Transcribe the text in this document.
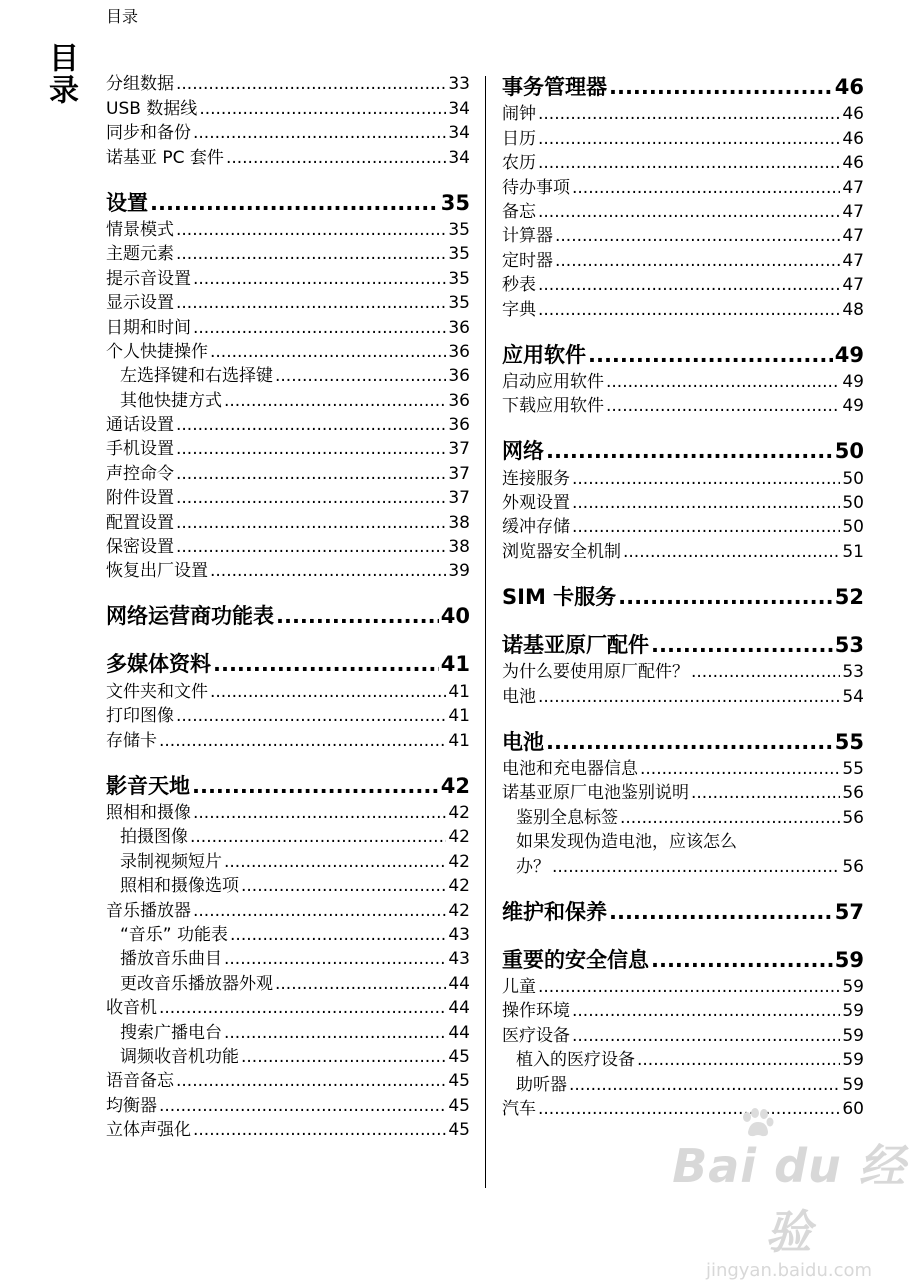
目录
目录 分组数据 .....	33
USB 数据线 .....	34
同步和备份 .....	34
诺基亚 PC 套件 .....	34
设置 .....	35
情景模式 .....	35
主题元素 .....	35
提示音设置 .....	35
显示设置 .....	35
日期和时间 .....	36
个人快捷操作 .....	36
左选择键和右选择键 .....	36
其他快捷方式 .....	36
通话设置 .....	36
手机设置 .....	37
声控命令 .....	37
附件设置 .....	37
配置设置 .....	38
保密设置 .....	38
恢复出厂设置 .....	39
网络运营商功能表 .....	40
多媒体资料 .....	41
文件夹和文件 .....	41
打印图像 .....	41
存储卡 .....	41
影音天地 .....	42
照相和摄像 .....	42
拍摄图像 .....	42
录制视频短片 .....	42
照相和摄像选项 .....	42
音乐播放器 .....	42
“音乐” 功能表 .....	43
播放音乐曲目 .....	43
更改音乐播放器外观 .....	44
收音机 .....	44
搜索广播电台 .....	44
调频收音机功能 .....	45
语音备忘 .....	45
均衡器 .....	45
立体声强化 .....	45
事务管理器 .....	46
闹钟 .....	46
日历 .....	46
农历 .....	46
待办事项 .....	47
备忘 .....	47
计算器 .....	47
定时器 .....	47
秒表 .....	47
字典 .....	48
应用软件 .....	49
启动应用软件 .....	49
下载应用软件 .....	49
网络 .....	50
连接服务 .....	50
外观设置 .....	50
缓冲存储 .....	50
浏览器安全机制 .....	51
SIM 卡服务 .....	52
诺基亚原厂配件 .....	53
为什么要使用原厂配件？ .....	53
电池 .....	54
电池 .....	55
电池和充电器信息 .....	55
诺基亚原厂电池鉴别说明 .....	56
鉴别全息标签 .....	56
如果发现伪造电池，应该怎么
办？ .....	56
维护和保养 .....	57
重要的安全信息 .....	59
儿童 .....	59
操作环境 .....	59
医疗设备 .....	59
植入的医疗设备 .....	59
助听器 .....	59
汽车 .....	60
Bai du 经验
jingyan.baidu.com
